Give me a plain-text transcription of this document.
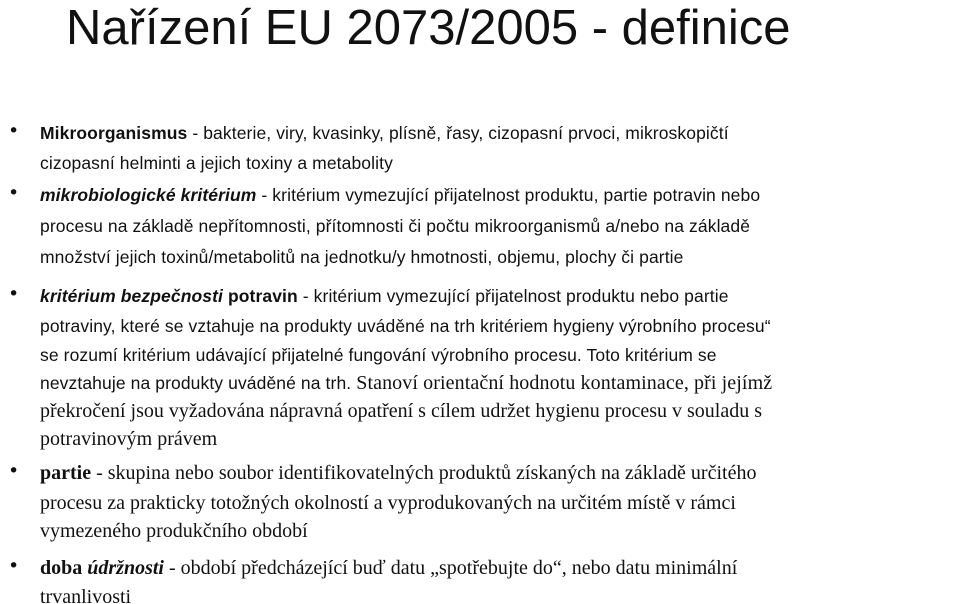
Nařízení EU 2073/2005 - definice
• Mikroorganismus - bakterie, viry, kvasinky, plísně, řasy, cizopasní prvoci, mikroskopičtí
cizopasní helminti a jejich toxiny a metabolity
• mikrobiologické kritérium - kritérium vymezující přijatelnost produktu, partie potravin nebo
procesu na základě nepřítomnosti, přítomnosti či počtu mikroorganismů a/nebo na základě
množství jejich toxinů/metabolitů na jednotku/y hmotnosti, objemu, plochy či partie
• kritérium bezpečnosti potravin - kritérium vymezující přijatelnost produktu nebo partie
potraviny, které se vztahuje na produkty uváděné na trh kritériem hygieny výrobního procesu“
se rozumí kritérium udávající přijatelné fungování výrobního procesu. Toto kritérium se
nevztahuje na produkty uváděné na trh. Stanoví orientační hodnotu kontaminace, při jejímž
překročení jsou vyžadována nápravná opatření s cílem udržet hygienu procesu v souladu s
potravinovým právem
• partie - skupina nebo soubor identifikovatelných produktů získaných na základě určitého
procesu za prakticky totožných okolností a vyprodukovaných na určitém místě v rámci
vymezeného produkčního období
• doba údržnosti - období předcházející buď datu „spotřebujte do“, nebo datu minimální
trvanlivosti
